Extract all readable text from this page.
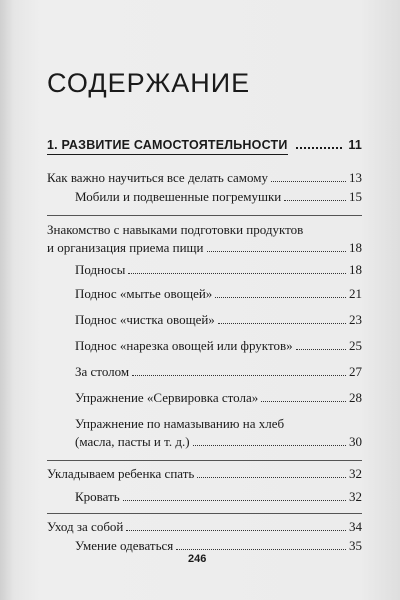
СОДЕРЖАНИЕ
1. РАЗВИТИЕ САМОСТОЯТЕЛЬНОСТИ	11
Как важно научиться все делать самому	13
Мобили и подвешенные погремушки	15
Знакомство с навыками подготовки продуктов
и организация приема пищи	18
Подносы	18
Поднос «мытье овощей»	21
Поднос «чистка овощей»	23
Поднос «нарезка овощей или фруктов»	25
За столом	27
Упражнение «Сервировка стола»	28
Упражнение по намазыванию на хлеб
(масла, пасты и т. д.)	30
Укладываем ребенка спать	32
Кровать	32
Уход за собой	34
Умение одеваться	35
246
